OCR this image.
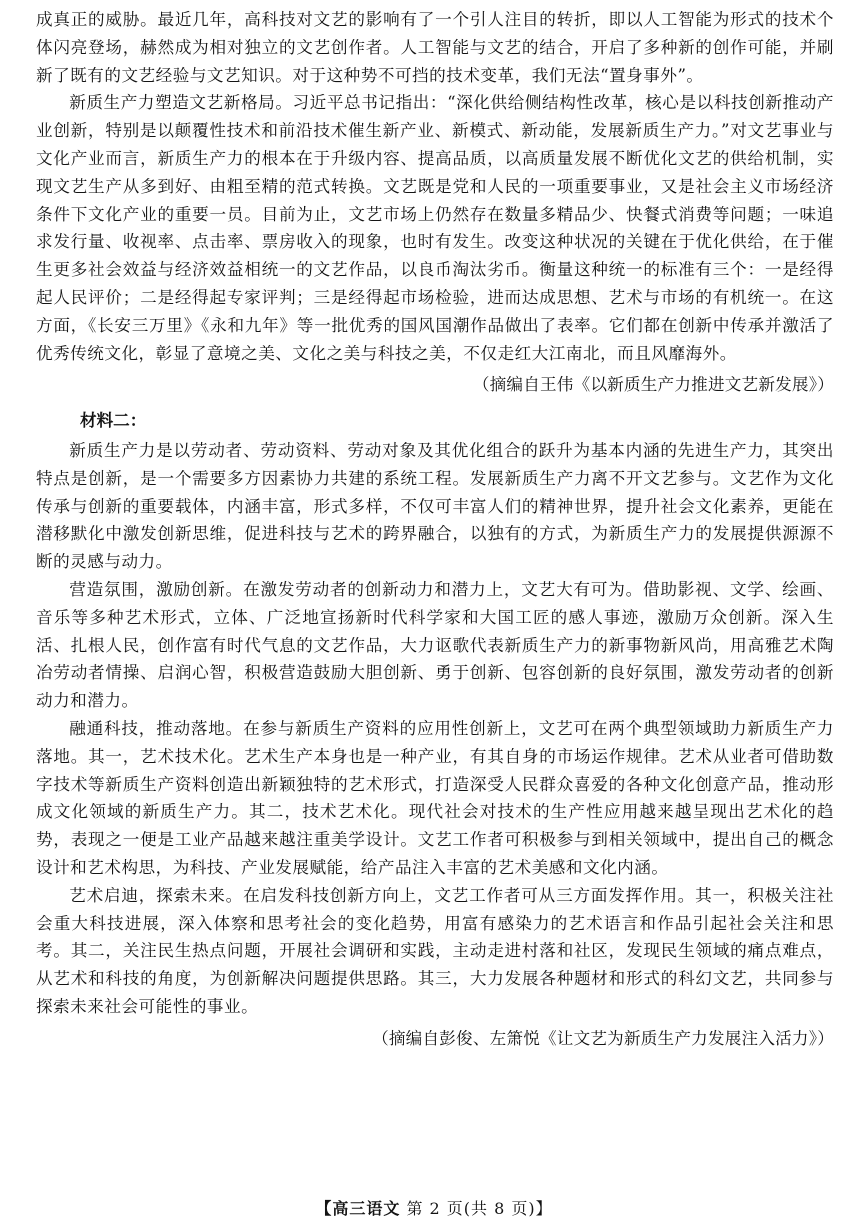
成真正的威胁。最近几年，高科技对文艺的影响有了一个引人注目的转折，即以人工智能为形式的技术个体闪亮登场，赫然成为相对独立的文艺创作者。人工智能与文艺的结合，开启了多种新的创作可能，并刷新了既有的文艺经验与文艺知识。对于这种势不可挡的技术变革，我们无法“置身事外”。

新质生产力塑造文艺新格局。习近平总书记指出：“深化供给侧结构性改革，核心是以科技创新推动产业创新，特别是以颠覆性技术和前沿技术催生新产业、新模式、新动能，发展新质生产力。”对文艺事业与文化产业而言，新质生产力的根本在于升级内容、提高品质，以高质量发展不断优化文艺的供给机制，实现文艺生产从多到好、由粗至精的范式转换。文艺既是党和人民的一项重要事业，又是社会主义市场经济条件下文化产业的重要一员。目前为止，文艺市场上仍然存在数量多精品少、快餐式消费等问题；一味追求发行量、收视率、点击率、票房收入的现象，也时有发生。改变这种状况的关键在于优化供给，在于催生更多社会效益与经济效益相统一的文艺作品，以良币淘汰劣币。衡量这种统一的标准有三个：一是经得起人民评价；二是经得起专家评判；三是经得起市场检验，进而达成思想、艺术与市场的有机统一。在这方面，《长安三万里》《永和九年》等一批优秀的国风国潮作品做出了表率。它们都在创新中传承并激活了优秀传统文化，彰显了意境之美、文化之美与科技之美，不仅走红大江南北，而且风靡海外。

（摘编自王伟《以新质生产力推进文艺新发展》）

材料二：

新质生产力是以劳动者、劳动资料、劳动对象及其优化组合的跃升为基本内涵的先进生产力，其突出特点是创新，是一个需要多方因素协力共建的系统工程。发展新质生产力离不开文艺参与。文艺作为文化传承与创新的重要载体，内涵丰富，形式多样，不仅可丰富人们的精神世界，提升社会文化素养，更能在潜移默化中激发创新思维，促进科技与艺术的跨界融合，以独有的方式，为新质生产力的发展提供源源不断的灵感与动力。

营造氛围，激励创新。在激发劳动者的创新动力和潜力上，文艺大有可为。借助影视、文学、绘画、音乐等多种艺术形式，立体、广泛地宣扬新时代科学家和大国工匠的感人事迹，激励万众创新。深入生活、扎根人民，创作富有时代气息的文艺作品，大力讴歌代表新质生产力的新事物新风尚，用高雅艺术陶冶劳动者情操、启润心智，积极营造鼓励大胆创新、勇于创新、包容创新的良好氛围，激发劳动者的创新动力和潜力。

融通科技，推动落地。在参与新质生产资料的应用性创新上，文艺可在两个典型领域助力新质生产力落地。其一，艺术技术化。艺术生产本身也是一种产业，有其自身的市场运作规律。艺术从业者可借助数字技术等新质生产资料创造出新颖独特的艺术形式，打造深受人民群众喜爱的各种文化创意产品，推动形成文化领域的新质生产力。其二，技术艺术化。现代社会对技术的生产性应用越来越呈现出艺术化的趋势，表现之一便是工业产品越来越注重美学设计。文艺工作者可积极参与到相关领域中，提出自己的概念设计和艺术构思，为科技、产业发展赋能，给产品注入丰富的艺术美感和文化内涵。

艺术启迪，探索未来。在启发科技创新方向上，文艺工作者可从三方面发挥作用。其一，积极关注社会重大科技进展，深入体察和思考社会的变化趋势，用富有感染力的艺术语言和作品引起社会关注和思考。其二，关注民生热点问题，开展社会调研和实践，主动走进村落和社区，发现民生领域的痛点难点，从艺术和科技的角度，为创新解决问题提供思路。其三，大力发展各种题材和形式的科幻文艺，共同参与探索未来社会可能性的事业。

（摘编自彭俊、左箫悦《让文艺为新质生产力发展注入活力》）

【高三语文 第 2 页(共 8 页)】
